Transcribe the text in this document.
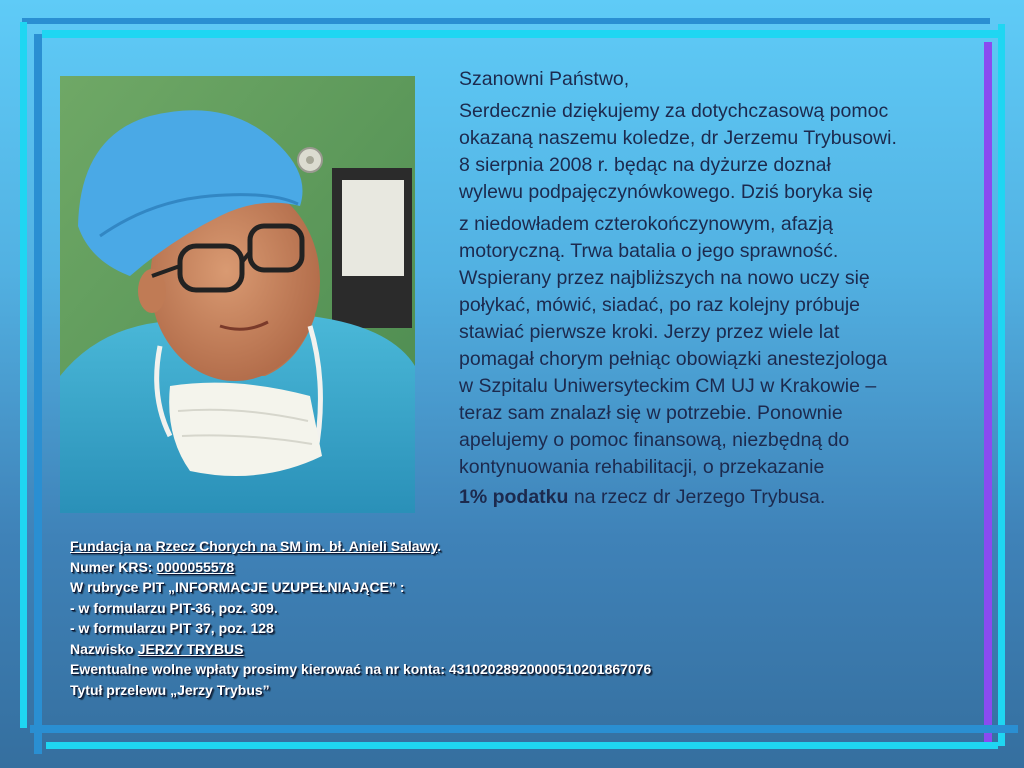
Szanowni Państwo,

Serdecznie dziękujemy za dotychczasową pomoc

okazaną naszemu koledze, dr Jerzemu Trybusowi.

8 sierpnia 2008 r. będąc na dyżurze doznał

wylewu podpajęczynówkowego. Dziś boryka się

z niedowładem czterokończynowym, afazją

motoryczną. Trwa batalia o jego sprawność.

Wspierany przez najbliższych na nowo uczy się

połykać, mówić, siadać, po raz kolejny próbuje

stawiać pierwsze kroki. Jerzy przez wiele lat

pomagał chorym pełniąc obowiązki anestezjologa

w Szpitalu Uniwersyteckim CM UJ w Krakowie –

teraz sam znalazł się w potrzebie. Ponownie

apelujemy o pomoc finansową, niezbędną do

kontynuowania rehabilitacji, o przekazanie

1% podatku na rzecz dr Jerzego Trybusa.

Fundacja na Rzecz Chorych na SM im. bł. Anieli Salawy.
Numer KRS: 0000055578
W rubryce PIT „INFORMACJE UZUPEŁNIAJĄCE” :
- w formularzu PIT-36, poz. 309.
- w formularzu PIT 37, poz. 128
Nazwisko JERZY TRYBUS
Ewentualne wolne wpłaty prosimy kierować na nr konta: 43102028920000510201867076
Tytuł przelewu „Jerzy Trybus”
